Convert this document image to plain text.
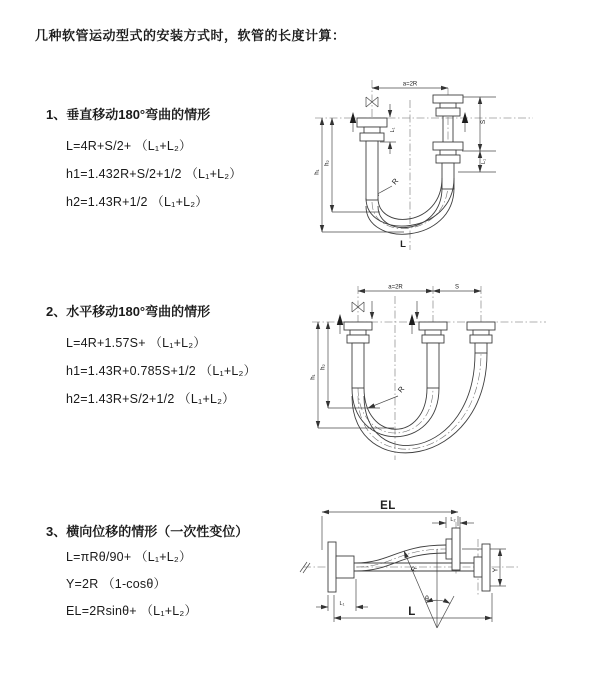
几种软管运动型式的安装方式时，软管的长度计算：
1、垂直移动180°弯曲的情形
L=4R+S/2+ （L₁+L₂）
h1=1.432R+S/2+1/2 （L₁+L₂）
h2=1.43R+1/2 （L₁+L₂）
2、水平移动180°弯曲的情形
L=4R+1.57S+ （L₁+L₂）
h1=1.43R+0.785S+1/2 （L₁+L₂）
h2=1.43R+S/2+1/2 （L₁+L₂）
3、横向位移的情形（一次性变位）
L=πRθ/90+ （L₁+L₂）
Y=2R （1-cosθ）
EL=2Rsinθ+ （L₁+L₂）
a=2R
h₁
h₂
S
L₁
L₁
R
L
a=2R	S
h₁
h₂
R
EL
L
L₂
L₁
Y
R
θ
